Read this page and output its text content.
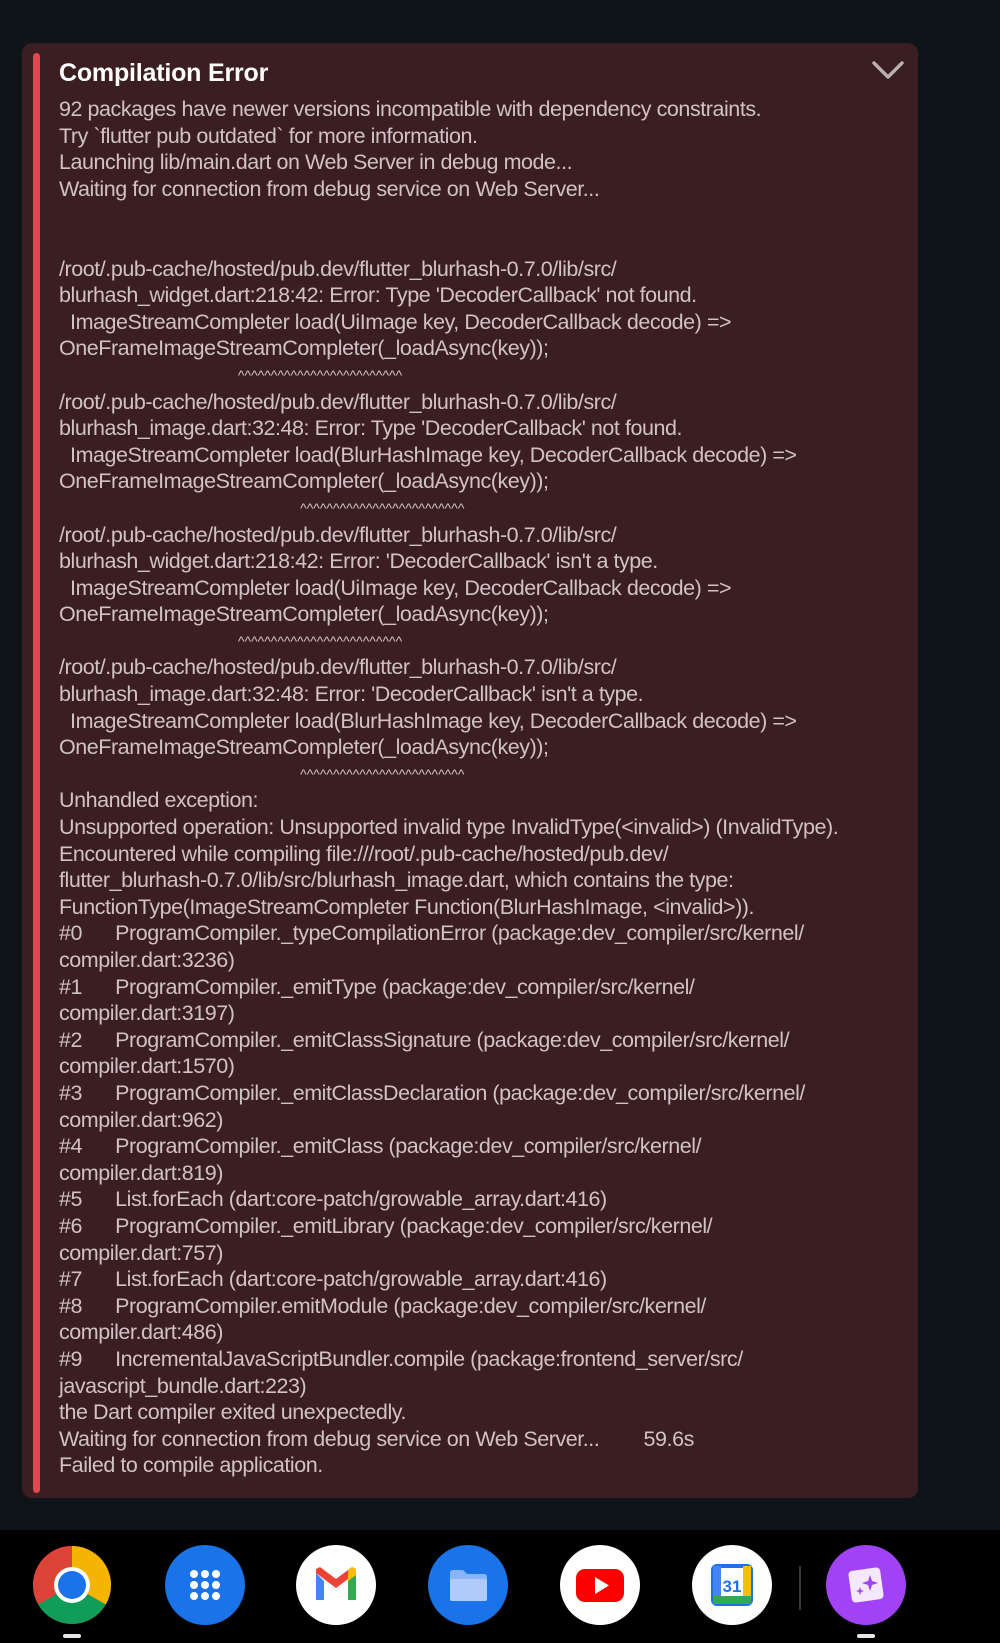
Compilation Error
92 packages have newer versions incompatible with dependency constraints.
Try `flutter pub outdated` for more information.
Launching lib/main.dart on Web Server in debug mode...
Waiting for connection from debug service on Web Server...
/root/.pub-cache/hosted/pub.dev/flutter_blurhash-0.7.0/lib/src/
blurhash_widget.dart:218:42: Error: Type 'DecoderCallback' not found.
ImageStreamCompleter load(UiImage key, DecoderCallback decode) =>
OneFrameImageStreamCompleter(_loadAsync(key));
^^^^^^^^^^^^^^^^^^^^^^^^^
/root/.pub-cache/hosted/pub.dev/flutter_blurhash-0.7.0/lib/src/
blurhash_image.dart:32:48: Error: Type 'DecoderCallback' not found.
ImageStreamCompleter load(BlurHashImage key, DecoderCallback decode) =>
OneFrameImageStreamCompleter(_loadAsync(key));
^^^^^^^^^^^^^^^^^^^^^^^^^
/root/.pub-cache/hosted/pub.dev/flutter_blurhash-0.7.0/lib/src/
blurhash_widget.dart:218:42: Error: 'DecoderCallback' isn't a type.
ImageStreamCompleter load(UiImage key, DecoderCallback decode) =>
OneFrameImageStreamCompleter(_loadAsync(key));
^^^^^^^^^^^^^^^^^^^^^^^^^
/root/.pub-cache/hosted/pub.dev/flutter_blurhash-0.7.0/lib/src/
blurhash_image.dart:32:48: Error: 'DecoderCallback' isn't a type.
ImageStreamCompleter load(BlurHashImage key, DecoderCallback decode) =>
OneFrameImageStreamCompleter(_loadAsync(key));
^^^^^^^^^^^^^^^^^^^^^^^^^
Unhandled exception:
Unsupported operation: Unsupported invalid type InvalidType(<invalid>) (InvalidType).
Encountered while compiling file:///root/.pub-cache/hosted/pub.dev/
flutter_blurhash-0.7.0/lib/src/blurhash_image.dart, which contains the type:
FunctionType(ImageStreamCompleter Function(BlurHashImage, <invalid>)).
#0      ProgramCompiler._typeCompilationError (package:dev_compiler/src/kernel/
compiler.dart:3236)
#1      ProgramCompiler._emitType (package:dev_compiler/src/kernel/
compiler.dart:3197)
#2      ProgramCompiler._emitClassSignature (package:dev_compiler/src/kernel/
compiler.dart:1570)
#3      ProgramCompiler._emitClassDeclaration (package:dev_compiler/src/kernel/
compiler.dart:962)
#4      ProgramCompiler._emitClass (package:dev_compiler/src/kernel/
compiler.dart:819)
#5      List.forEach (dart:core-patch/growable_array.dart:416)
#6      ProgramCompiler._emitLibrary (package:dev_compiler/src/kernel/
compiler.dart:757)
#7      List.forEach (dart:core-patch/growable_array.dart:416)
#8      ProgramCompiler.emitModule (package:dev_compiler/src/kernel/
compiler.dart:486)
#9      IncrementalJavaScriptBundler.compile (package:frontend_server/src/
javascript_bundle.dart:223)
the Dart compiler exited unexpectedly.
Waiting for connection from debug service on Web Server...        59.6s
Failed to compile application.
31
